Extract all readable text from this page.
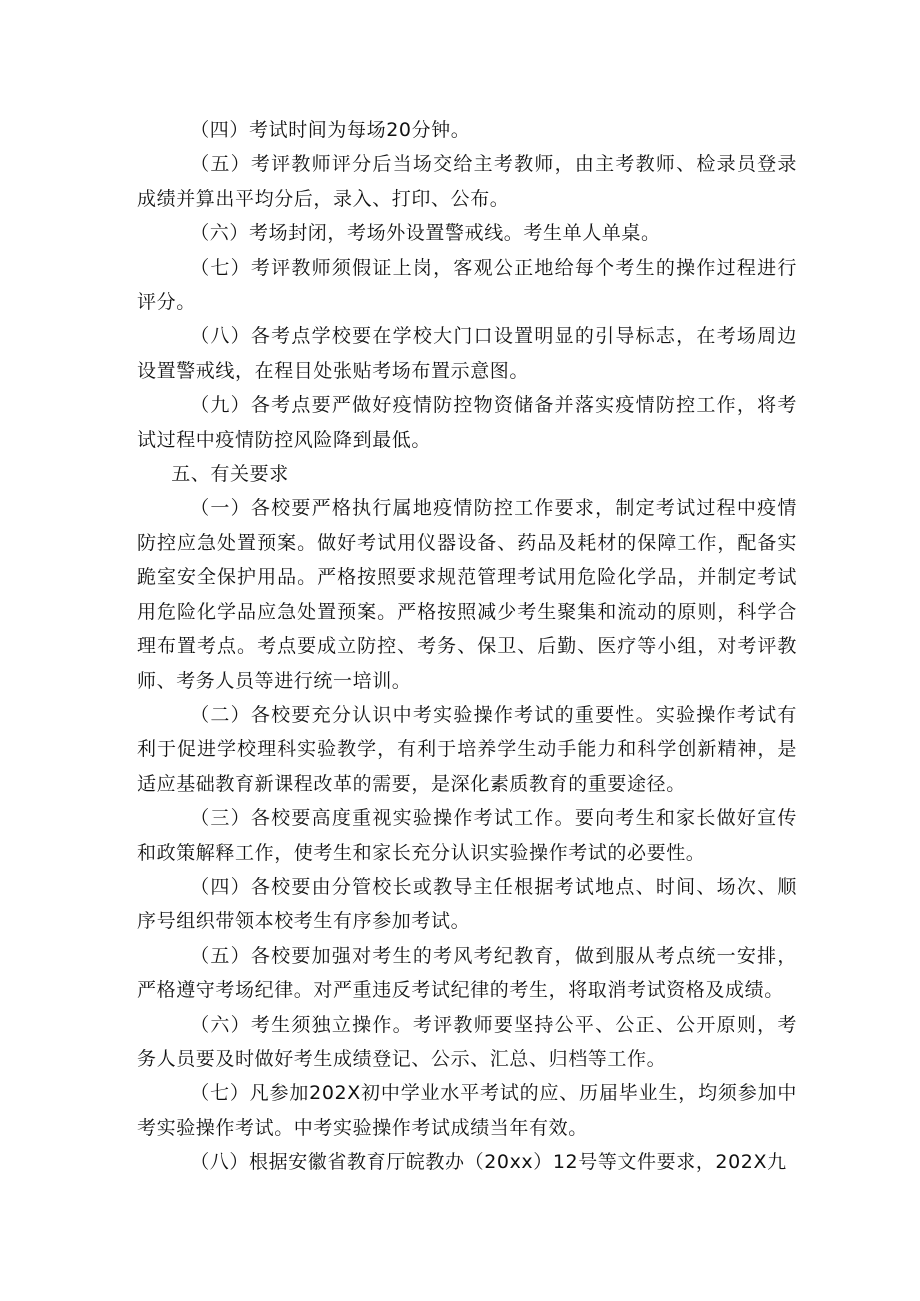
（四）考试时间为每场20分钟。

（五）考评教师评分后当场交给主考教师，由主考教师、检录员登录成绩并算出平均分后，录入、打印、公布。

（六）考场封闭，考场外设置警戒线。考生单人单桌。

（七）考评教师须假证上岗，客观公正地给每个考生的操作过程进行评分。

（八）各考点学校要在学校大门口设置明显的引导标志，在考场周边设置警戒线，在程目处张贴考场布置示意图。

（九）各考点要严做好疫情防控物资储备并落实疫情防控工作，将考试过程中疫情防控风险降到最低。

五、有关要求

（一）各校要严格执行属地疫情防控工作要求，制定考试过程中疫情防控应急处置预案。做好考试用仪器设备、药品及耗材的保障工作，配备实跪室安全保护用品。严格按照要求规范管理考试用危险化学品，并制定考试用危险化学品应急处置预案。严格按照减少考生聚集和流动的原则，科学合理布置考点。考点要成立防控、考务、保卫、后勤、医疗等小组，对考评教师、考务人员等进行统一培训。

（二）各校要充分认识中考实验操作考试的重要性。实验操作考试有利于促进学校理科实验教学，有利于培养学生动手能力和科学创新精神，是适应基础教育新课程改革的需要，是深化素质教育的重要途径。

（三）各校要高度重视实验操作考试工作。要向考生和家长做好宣传和政策解释工作，使考生和家长充分认识实验操作考试的必要性。

（四）各校要由分管校长或教导主任根据考试地点、时间、场次、顺序号组织带领本校考生有序参加考试。

（五）各校要加强对考生的考风考纪教育，做到服从考点统一安排，严格遵守考场纪律。对严重违反考试纪律的考生，将取消考试资格及成绩。

（六）考生须独立操作。考评教师要坚持公平、公正、公开原则，考务人员要及时做好考生成绩登记、公示、汇总、归档等工作。

（七）凡参加202X初中学业水平考试的应、历届毕业生，均须参加中考实验操作考试。中考实验操作考试成绩当年有效。

（八）根据安徽省教育厅皖教办（20xx）12号等文件要求，202X九
